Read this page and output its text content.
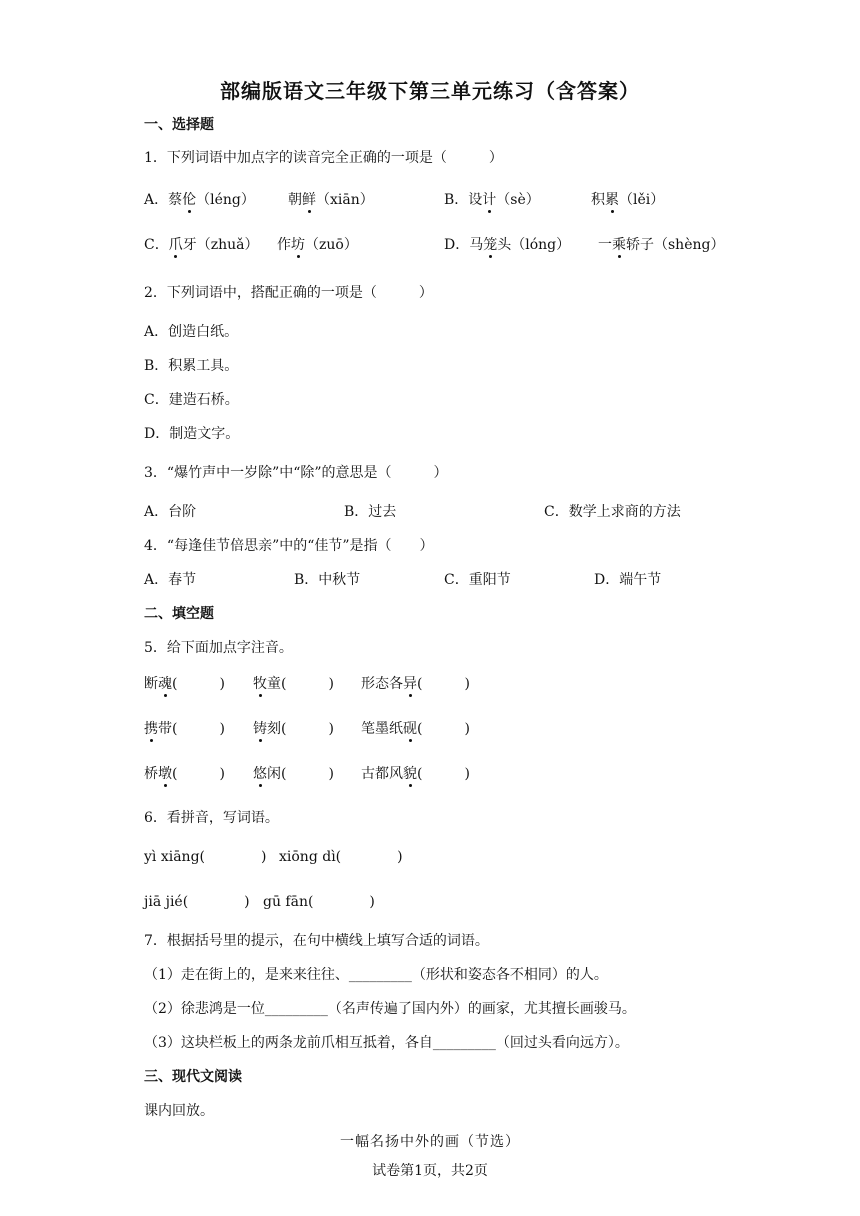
部编版语文三年级下第三单元练习（含答案）
一、选择题
1．下列词语中加点字的读音完全正确的一项是（　　　）
A．蔡伦（léng） 朝鲜（xiān）	B．设计（sè）	积累（lěi）
C．爪牙（zhuǎ） 作坊（zuō）	D．马笼头（lóng） 一乘轿子（shèng）
2．下列词语中，搭配正确的一项是（　　　）
A．创造白纸。
B．积累工具。
C．建造石桥。
D．制造文字。
3．“爆竹声中一岁除”中“除”的意思是（　　　）
A．台阶	B．过去	C．数学上求商的方法
4．“每逢佳节倍思亲”中的“佳节”是指（　　）
A．春节	B．中秋节	C．重阳节	D．端午节
二、填空题
5．给下面加点字注音。
断魂(　　　) 牧童(　　　) 形态各异(　　　)
携带(　　　) 铸刻(　　　) 笔墨纸砚(　　　)
桥墩(　　　) 悠闲(　　　) 古都风貌(　　　)
6．看拼音，写词语。
yì xiāng(　　　　) xiōng dì(　　　　)
jiā jié(　　　　) gū fān(　　　　)
7．根据括号里的提示，在句中横线上填写合适的词语。
（1）走在街上的，是来来往往、_________（形状和姿态各不相同）的人。
（2）徐悲鸿是一位_________（名声传遍了国内外）的画家，尤其擅长画骏马。
（3）这块栏板上的两条龙前爪相互抵着，各自_________（回过头看向远方）。
三、现代文阅读
课内回放。
一幅名扬中外的画（节选）
试卷第1页，共2页
